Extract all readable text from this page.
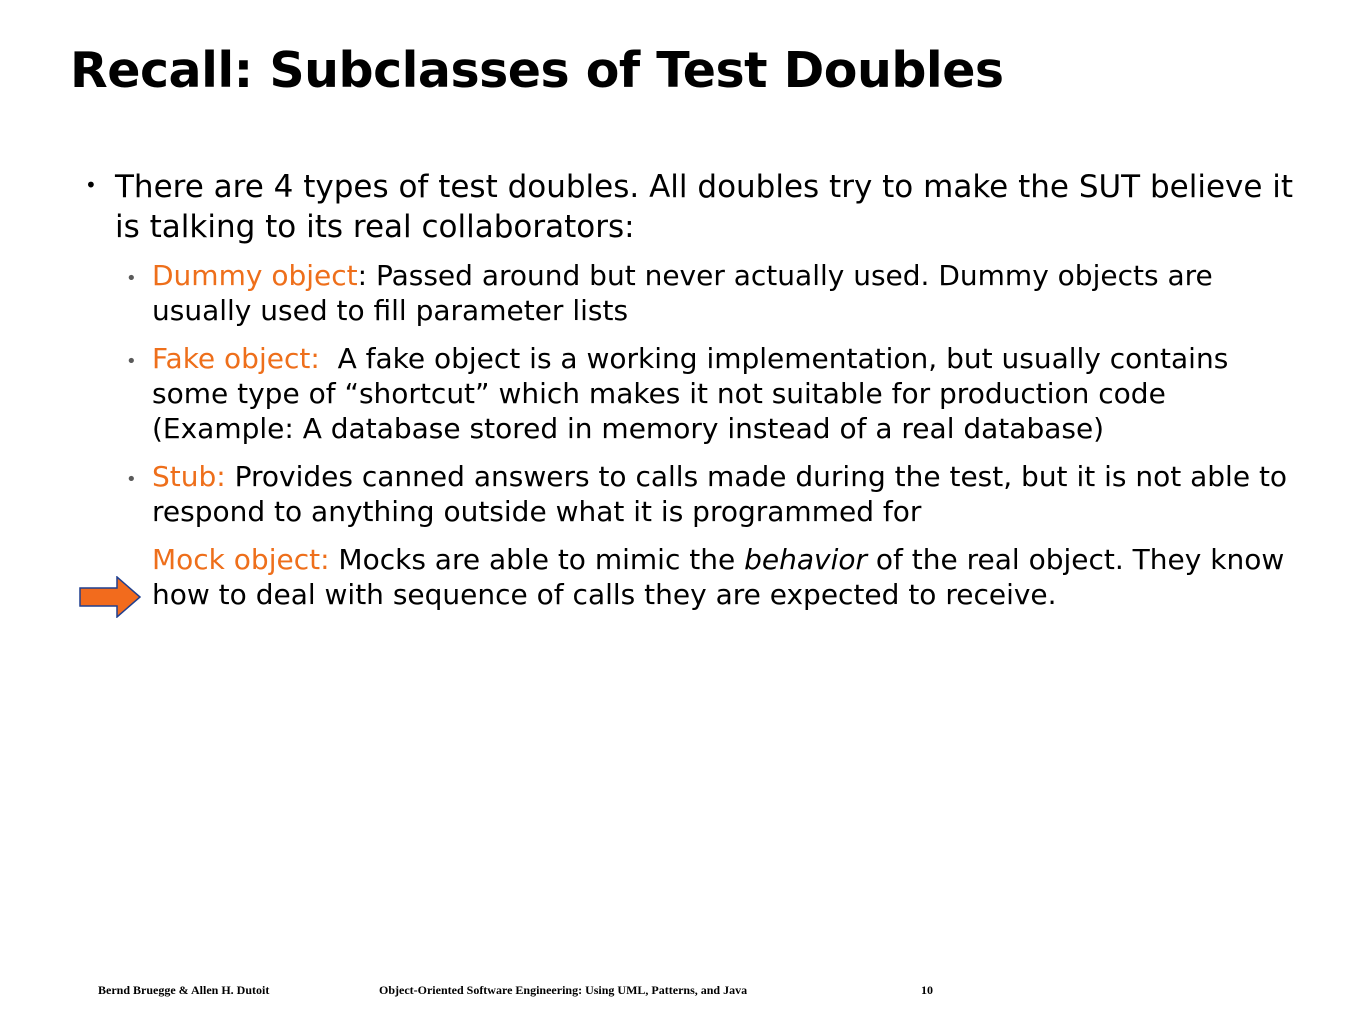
Recall: Subclasses of Test Doubles
• There are 4 types of test doubles. All doubles try to make the SUT believe it is talking to its real collaborators:
• Dummy object: Passed around but never actually used. Dummy objects are usually used to fill parameter lists
• Fake object:  A fake object is a working implementation, but usually contains some type of “shortcut” which makes it not suitable for production code (Example: A database stored in memory instead of a real database)
• Stub: Provides canned answers to calls made during the test, but it is not able to respond to anything outside what it is programmed for
Mock object: Mocks are able to mimic the behavior of the real object. They know how to deal with sequence of calls they are expected to receive.
Bernd Bruegge & Allen H. Dutoit	Object-Oriented Software Engineering: Using UML, Patterns, and Java	10
